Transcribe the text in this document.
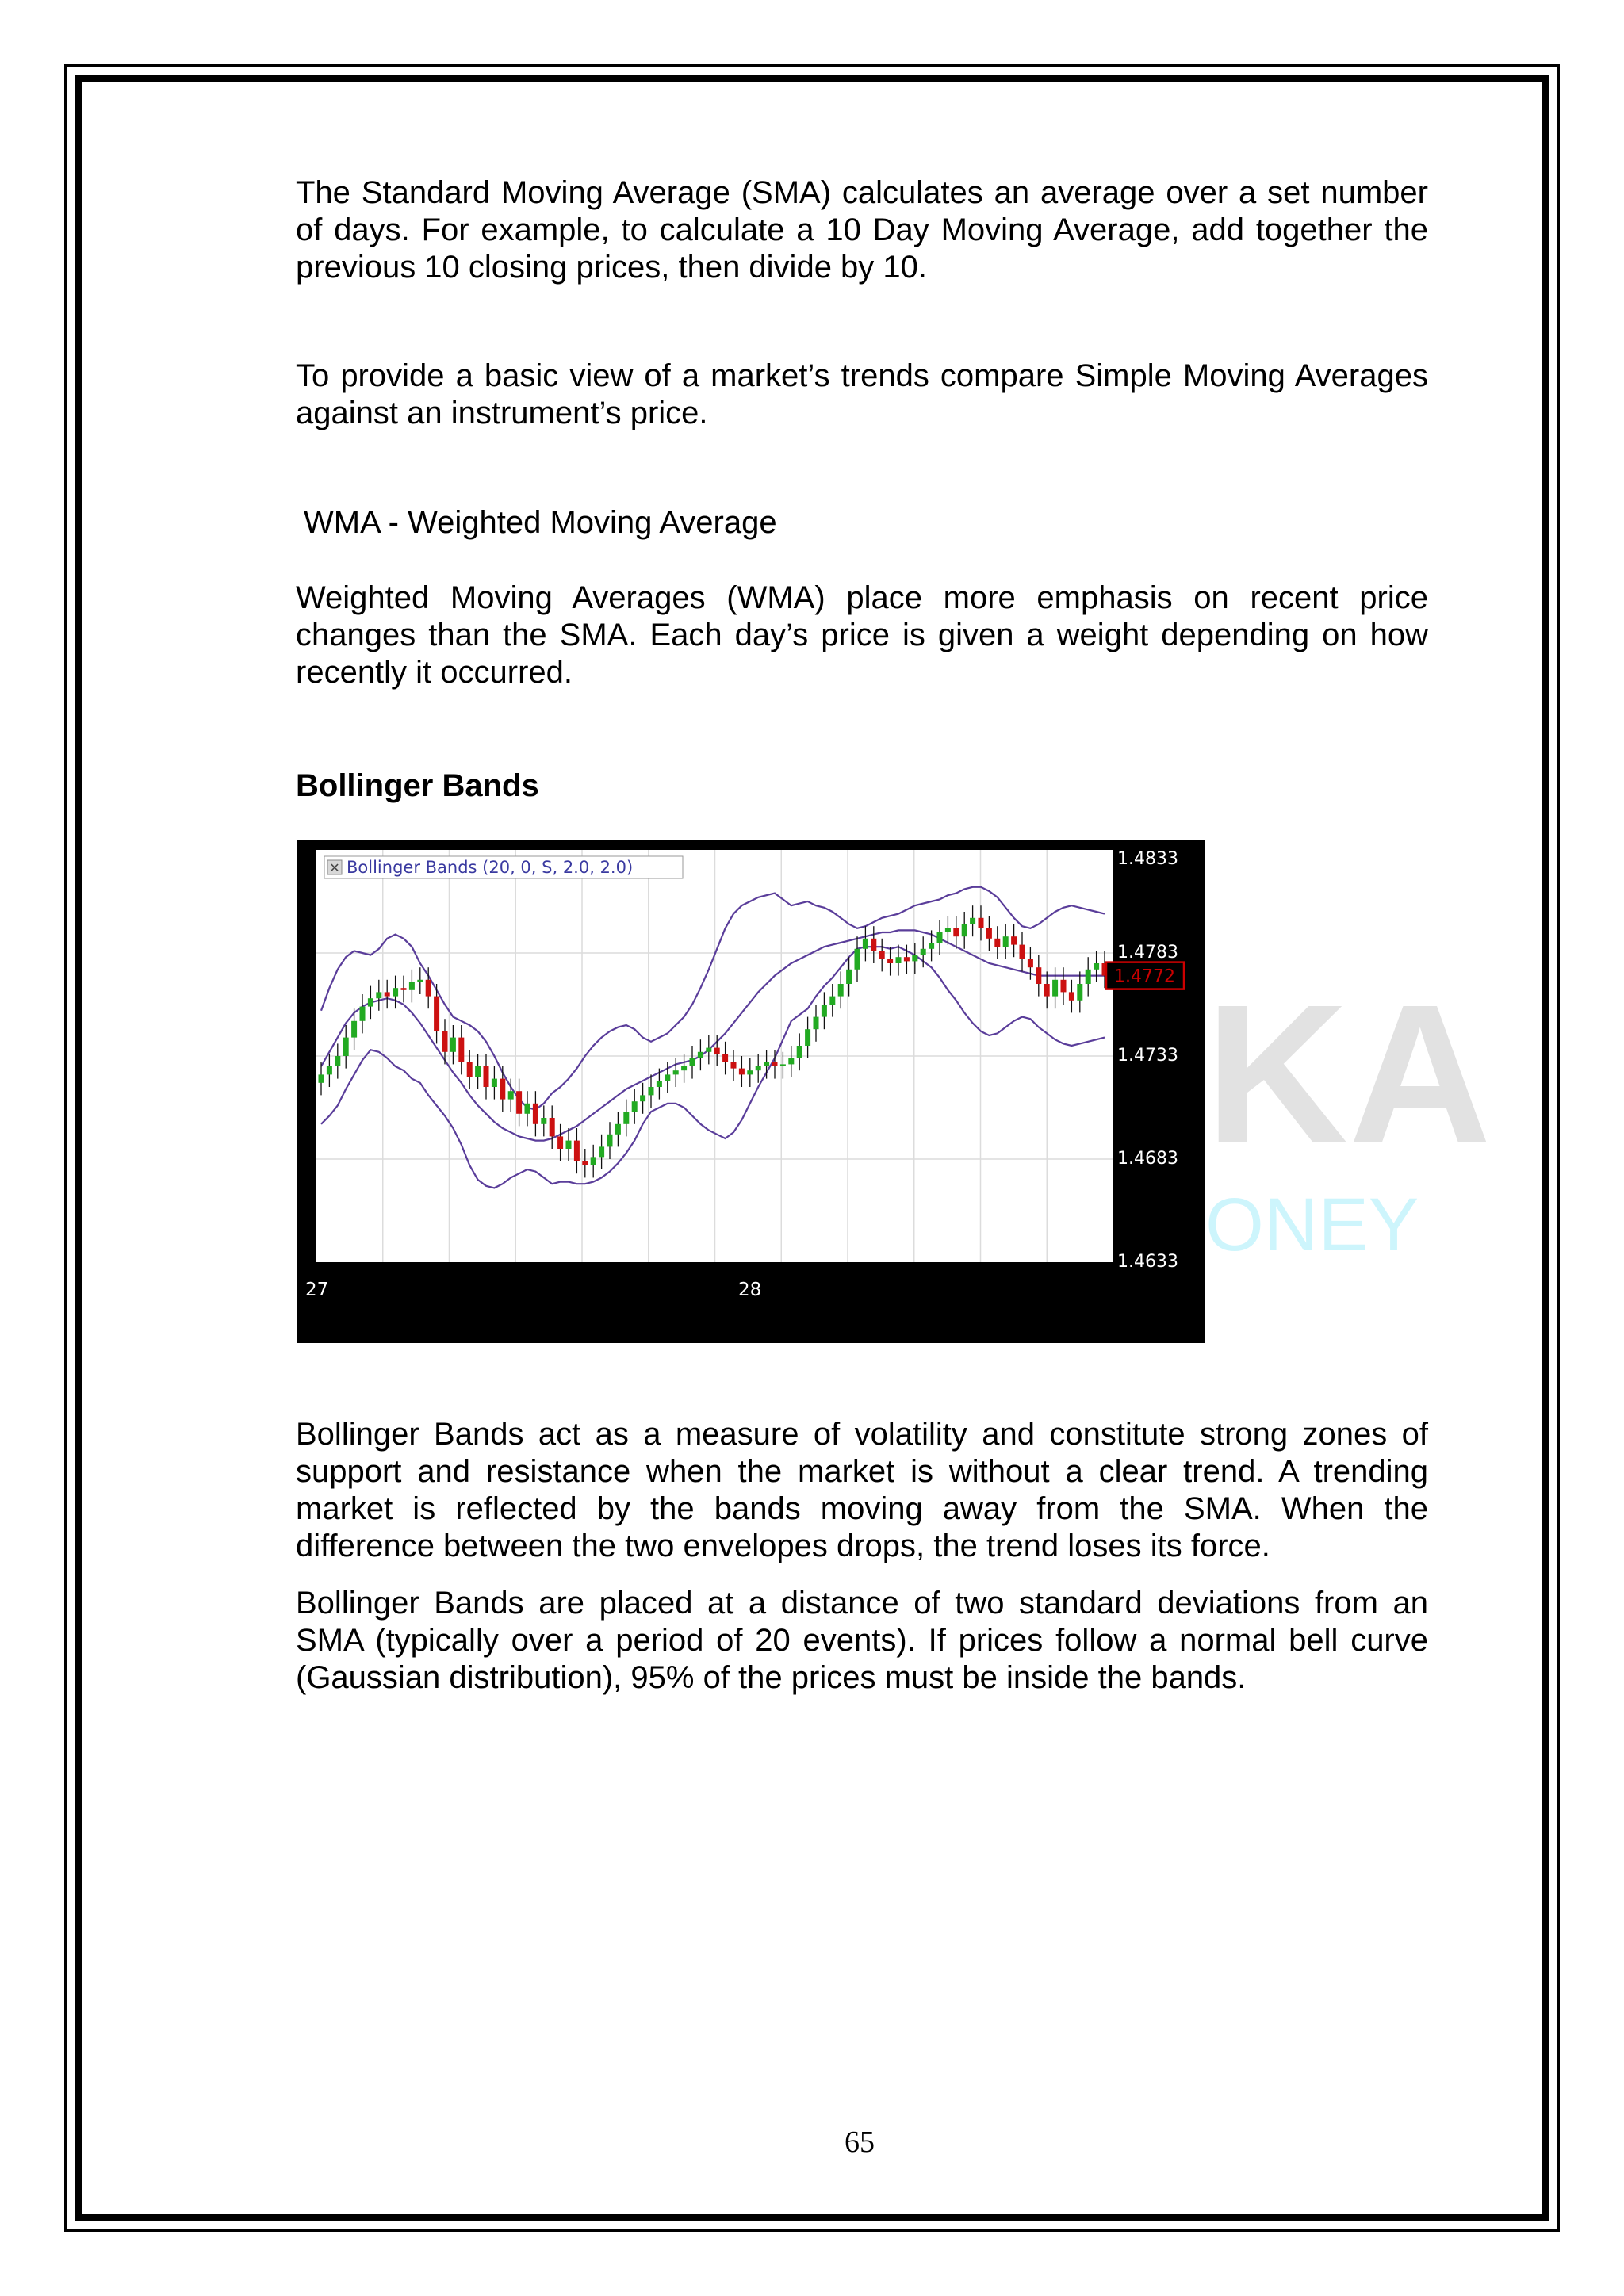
The Standard Moving Average (SMA) calculates an average over a set number of days. For example, to calculate a 10 Day Moving Average, add together the previous 10 closing prices, then divide by 10.

To provide a basic view of a market’s trends compare Simple Moving Averages against an instrument’s price.

WMA - Weighted Moving Average

Weighted Moving Averages (WMA) place more emphasis on recent price changes than the SMA. Each day’s price is given a weight depending on how recently it occurred.

Bollinger Bands
KA
ONEY
1.4833
1.4733
1.4683
1.4633
1.4783
1.4772
27	28
✕ Bollinger Bands (20, 0, S, 2.0, 2.0)

Bollinger Bands act as a measure of volatility and constitute strong zones of support and resistance when the market is without a clear trend. A trending market is reflected by the bands moving away from the SMA. When the difference between the two envelopes drops, the trend loses its force.

Bollinger Bands are placed at a distance of two standard deviations from an SMA (typically over a period of 20 events). If prices follow a normal bell curve (Gaussian distribution), 95% of the prices must be inside the bands.

65
